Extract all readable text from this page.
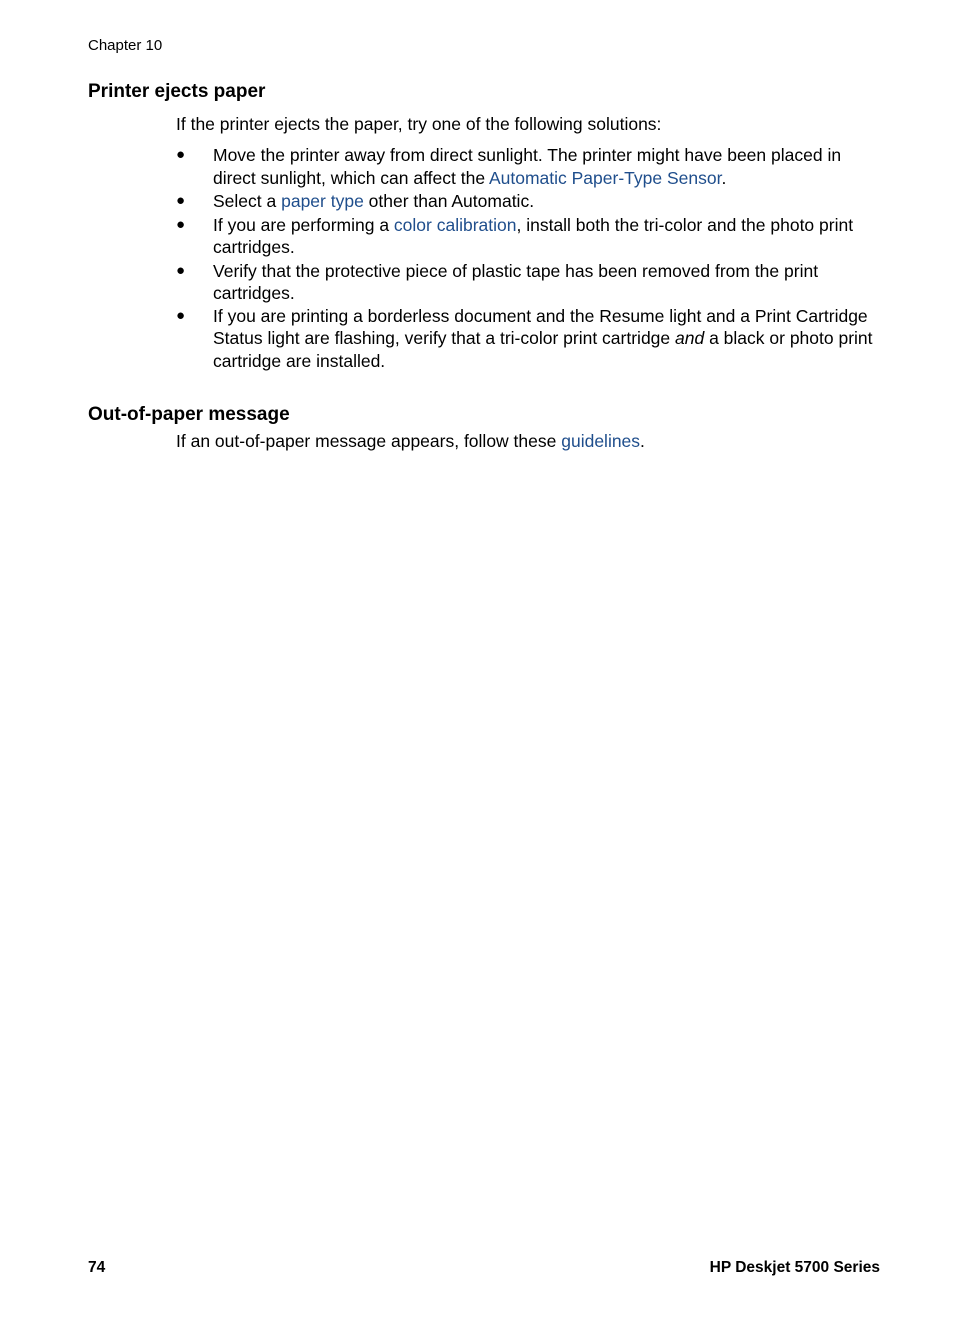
Chapter 10
Printer ejects paper

If the printer ejects the paper, try one of the following solutions:

● Move the printer away from direct sunlight. The printer might have been placed in direct sunlight, which can affect the Automatic Paper-Type Sensor.
● Select a paper type other than Automatic.
● If you are performing a color calibration, install both the tri-color and the photo print cartridges.
● Verify that the protective piece of plastic tape has been removed from the print cartridges.
● If you are printing a borderless document and the Resume light and a Print Cartridge Status light are flashing, verify that a tri-color print cartridge and a black or photo print cartridge are installed.
Out-of-paper message

If an out-of-paper message appears, follow these guidelines.

74	HP Deskjet 5700 Series
